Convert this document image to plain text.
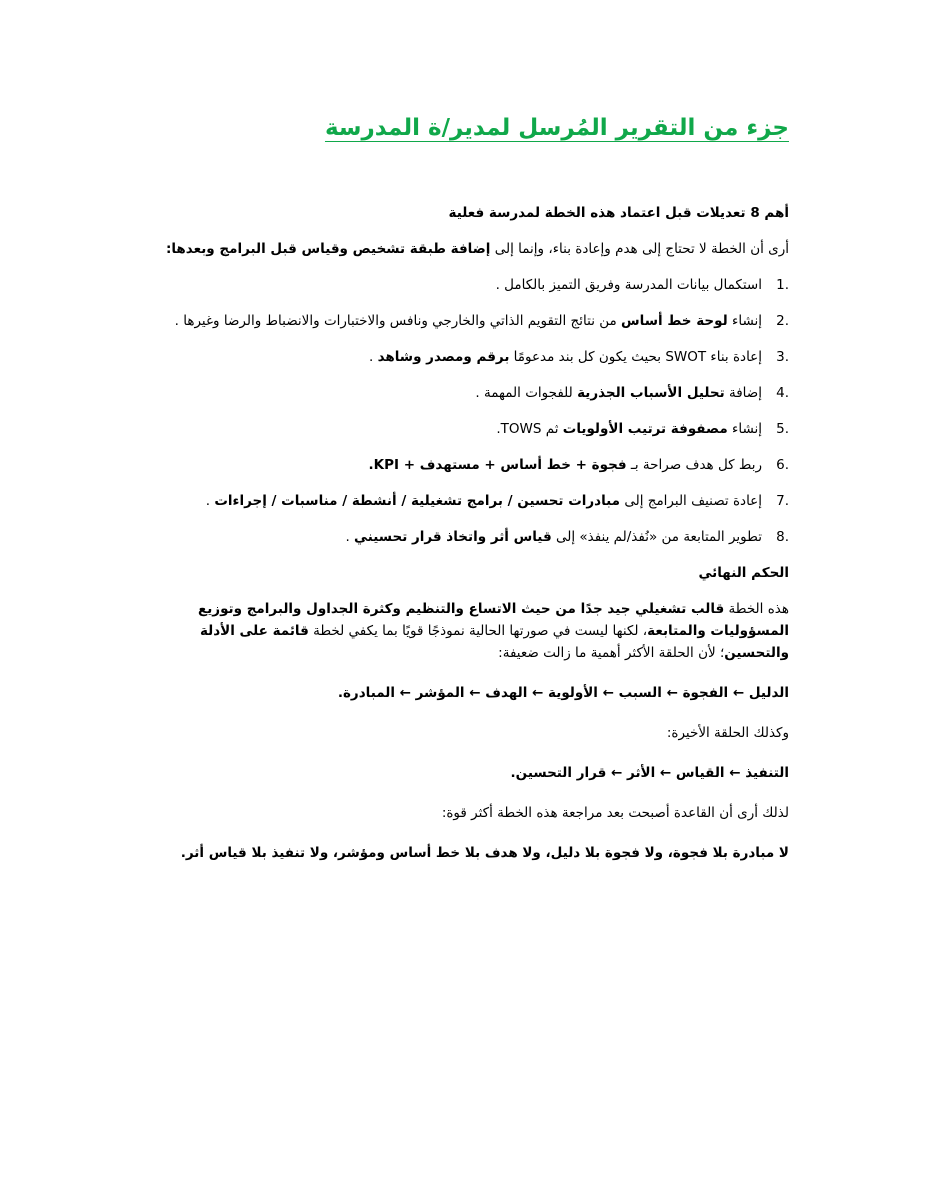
جزء من التقرير المُرسل لمدير/ة المدرسة

أهم 8 تعديلات قبل اعتماد هذه الخطة لمدرسة فعلية

أرى أن الخطة لا تحتاج إلى هدم وإعادة بناء، وإنما إلى إضافة طبقة تشخيص وقياس قبل البرامج وبعدها:

1.
استكمال بيانات المدرسة وفريق التميز بالكامل .
2.
إنشاء لوحة خط أساس من نتائج التقويم الذاتي والخارجي ونافس والاختبارات والانضباط والرضا وغيرها .
3.
إعادة بناء SWOT بحيث يكون كل بند مدعومًا برقم ومصدر وشاهد .
4.
إضافة تحليل الأسباب الجذرية للفجوات المهمة .
5.
إنشاء مصفوفة ترتيب الأولويات ثم TOWS.
6.
ربط كل هدف صراحة بـ فجوة + خط أساس + مستهدف + KPI.
7.
إعادة تصنيف البرامج إلى مبادرات تحسين / برامج تشغيلية / أنشطة / مناسبات / إجراءات .
8.
تطوير المتابعة من «نُفذ/لم ينفذ» إلى قياس أثر واتخاذ قرار تحسيني .

الحكم النهائي

هذه الخطة قالب تشغيلي جيد جدًا من حيث الاتساع والتنظيم وكثرة الجداول والبرامج وتوزيع المسؤوليات والمتابعة، لكنها ليست في صورتها الحالية نموذجًا قويًا بما يكفي لخطة قائمة على الأدلة والتحسين؛ لأن الحلقة الأكثر أهمية ما زالت ضعيفة:

الدليل ← الفجوة ← السبب ← الأولوية ← الهدف ← المؤشر ← المبادرة.

وكذلك الحلقة الأخيرة:

التنفيذ ← القياس ← الأثر ← قرار التحسين.

لذلك أرى أن القاعدة أصبحت بعد مراجعة هذه الخطة أكثر قوة:

لا مبادرة بلا فجوة، ولا فجوة بلا دليل، ولا هدف بلا خط أساس ومؤشر، ولا تنفيذ بلا قياس أثر.
